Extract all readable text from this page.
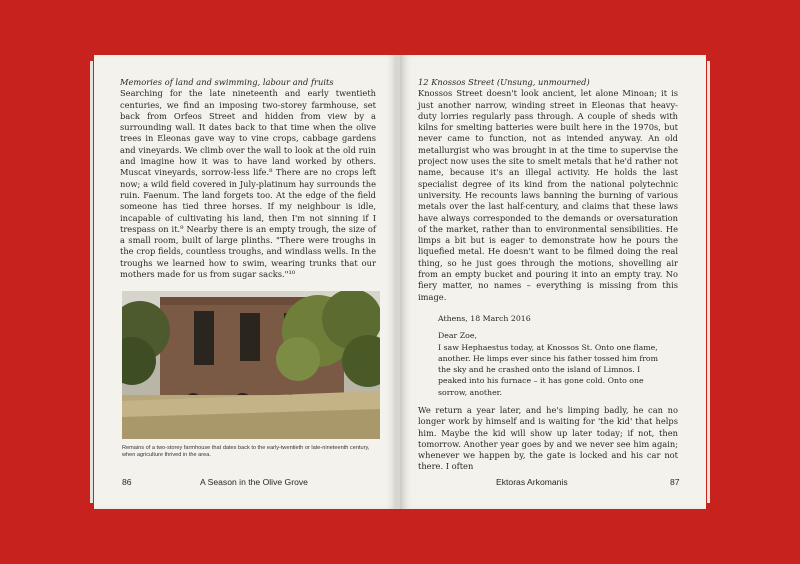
Memories of land and swimming, labour and fruits
Searching for the late nineteenth and early twentieth centuries, we find an imposing two-storey farmhouse, set back from Orfeos Street and hidden from view by a surrounding wall. It dates back to that time when the olive trees in Eleonas gave way to vine crops, cabbage gardens and vineyards. We climb over the wall to look at the old ruin and imagine how it was to have land worked by others. Muscat vineyards, sorrow-less life.⁸ There are no crops left now; a wild field covered in July-platinum hay surrounds the ruin. Faenum. The land forgets too. At the edge of the field someone has tied three horses. If my neighbour is idle, incapable of cultivating his land, then I'm not sinning if I trespass on it.⁹ Nearby there is an empty trough, the size of a small room, built of large plinths. "There were troughs in the crop fields, countless troughs, and windlass wells. In the troughs we learned how to swim, wearing trunks that our mothers made for us from sugar sacks."¹⁰
Remains of a two-storey farmhouse that dates back to the early-twentieth or late-nineteenth century, when agriculture thrived in the area.
86	A Season in the Olive Grove
12 Knossos Street (Unsung, unmourned)
Knossos Street doesn't look ancient, let alone Minoan; it is just another narrow, winding street in Eleonas that heavy-duty lorries regularly pass through. A couple of sheds with kilns for smelting batteries were built here in the 1970s, but never came to function, not as intended anyway. An old metallurgist who was brought in at the time to supervise the project now uses the site to smelt metals that he'd rather not name, because it's an illegal activity. He holds the last specialist degree of its kind from the national polytechnic university. He recounts laws banning the burning of various metals over the last half-century, and claims that these laws have always corresponded to the demands or oversaturation of the market, rather than to environmental sensibilities. He limps a bit but is eager to demonstrate how he pours the liquefied metal. He doesn't want to be filmed doing the real thing, so he just goes through the motions, shovelling air from an empty bucket and pouring it into an empty tray. No fiery matter, no names – everything is missing from this image.

Athens, 18 March 2016

Dear Zoe,

I saw Hephaestus today, at Knossos St. Onto one flame, another. He limps ever since his father tossed him from the sky and he crashed onto the island of Limnos. I peaked into his furnace – it has gone cold. Onto one sorrow, another.

We return a year later, and he's limping badly, he can no longer work by himself and is waiting for 'the kid' that helps him. Maybe the kid will show up later today; if not, then tomorrow. Another year goes by and we never see him again; whenever we happen by, the gate is locked and his car not there. I often
Ektoras Arkomanis	87
